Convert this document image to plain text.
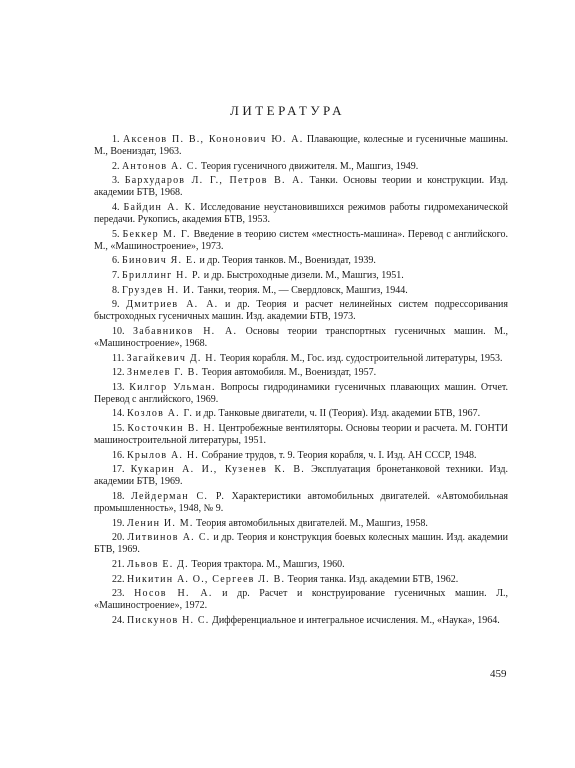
ЛИТЕРАТУРА

1. Аксенов П. В., Кононович Ю. А. Плавающие, колесные и гусеничные машины. М., Воениздат, 1963.

2. Антонов А. С. Теория гусеничного движителя. М., Машгиз, 1949.

3. Бархударов Л. Г., Петров В. А. Танки. Основы теории и конструкции. Изд. академии БТВ, 1968.

4. Байдин А. К. Исследование неустановившихся режимов работы гидромеханической передачи. Рукопись, академия БТВ, 1953.

5. Беккер М. Г. Введение в теорию систем «местность-машина». Перевод с английского. М., «Машиностроение», 1973.

6. Бинович Я. Е. и др. Теория танков. М., Воениздат, 1939.

7. Бриллинг Н. Р. и др. Быстроходные дизели. М., Машгиз, 1951.

8. Груздев Н. И. Танки, теория. М., — Свердловск, Машгиз, 1944.

9. Дмитриев А. А. и др. Теория и расчет нелинейных систем подрессоривания быстроходных гусеничных машин. Изд. академии БТВ, 1973.

10. Забавников Н. А. Основы теории транспортных гусеничных машин. М., «Машиностроение», 1968.

11. Загайкевич Д. Н. Теория корабля. М., Гос. изд. судостроительной литературы, 1953.

12. Знмелев Г. В. Теория автомобиля. М., Воениздат, 1957.

13. Килгор Ульман. Вопросы гидродинамики гусеничных плавающих машин. Отчет. Перевод с английского, 1969.

14. Козлов А. Г. и др. Танковые двигатели, ч. II (Теория). Изд. академии БТВ, 1967.

15. Косточкин В. Н. Центробежные вентиляторы. Основы теории и расчета. М. ГОНТИ машиностроительной литературы, 1951.

16. Крылов А. Н. Собрание трудов, т. 9. Теория корабля, ч. I. Изд. АН СССР, 1948.

17. Кукарин А. И., Кузенев К. В. Эксплуатация бронетанковой техники. Изд. академии БТВ, 1969.

18. Лейдерман С. Р. Характеристики автомобильных двигателей. «Автомобильная промышленность», 1948, № 9.

19. Ленин И. М. Теория автомобильных двигателей. М., Машгиз, 1958.

20. Литвинов А. С. и др. Теория и конструкция боевых колесных машин. Изд. академии БТВ, 1969.

21. Львов Е. Д. Теория трактора. М., Машгиз, 1960.

22. Никитин А. О., Сергеев Л. В. Теория танка. Изд. академии БТВ, 1962.

23. Носов Н. А. и др. Расчет и конструирование гусеничных машин. Л., «Машиностроение», 1972.

24. Пискунов Н. С. Дифференциальное и интегральное исчисления. М., «Наука», 1964.

459
